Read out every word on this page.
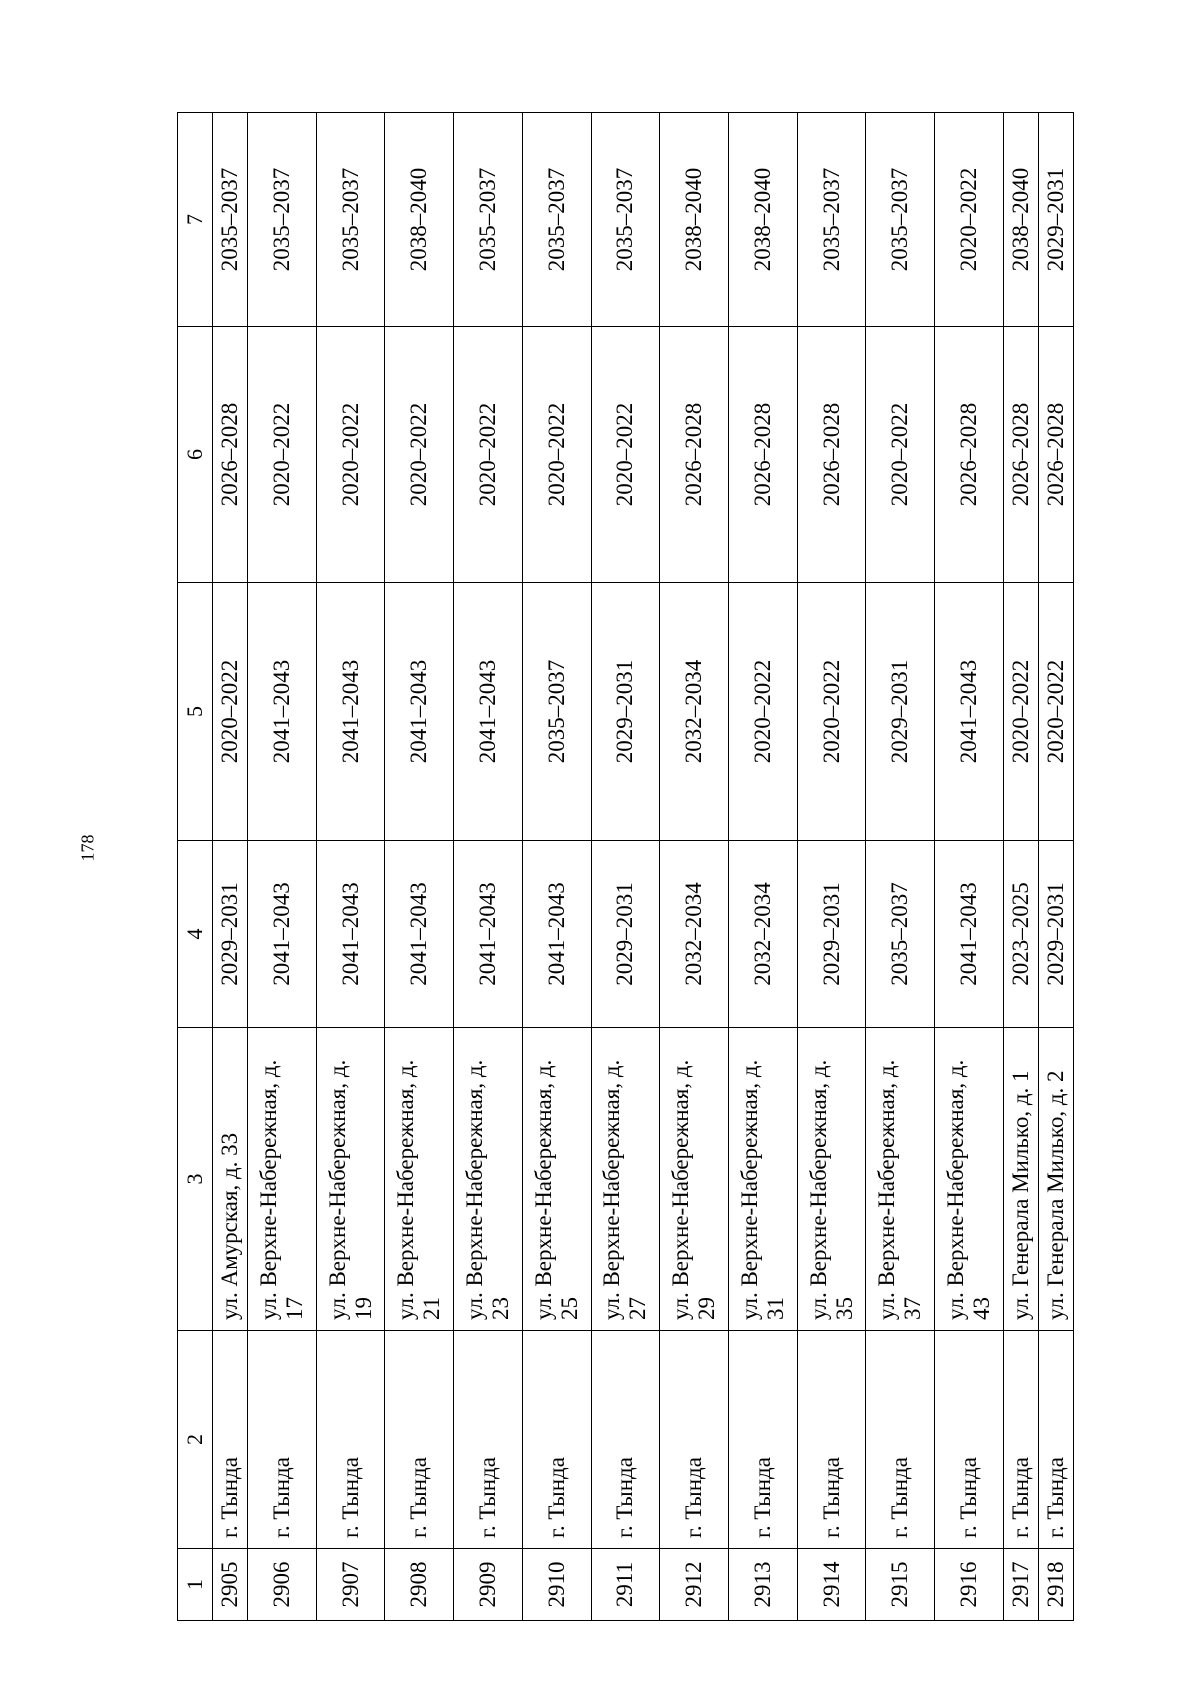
178
1	2	3	4	5	6	7
2905	г. Тында	ул. Амурская, д. 33	2029–2031	2020–2022	2026–2028	2035–2037
2906	г. Тында	ул. Верхне-Набережная, д. 17	2041–2043	2041–2043	2020–2022	2035–2037
2907	г. Тында	ул. Верхне-Набережная, д. 19	2041–2043	2041–2043	2020–2022	2035–2037
2908	г. Тында	ул. Верхне-Набережная, д. 21	2041–2043	2041–2043	2020–2022	2038–2040
2909	г. Тында	ул. Верхне-Набережная, д. 23	2041–2043	2041–2043	2020–2022	2035–2037
2910	г. Тында	ул. Верхне-Набережная, д. 25	2041–2043	2035–2037	2020–2022	2035–2037
2911	г. Тында	ул. Верхне-Набережная, д. 27	2029–2031	2029–2031	2020–2022	2035–2037
2912	г. Тында	ул. Верхне-Набережная, д. 29	2032–2034	2032–2034	2026–2028	2038–2040
2913	г. Тында	ул. Верхне-Набережная, д. 31	2032–2034	2020–2022	2026–2028	2038–2040
2914	г. Тында	ул. Верхне-Набережная, д. 35	2029–2031	2020–2022	2026–2028	2035–2037
2915	г. Тында	ул. Верхне-Набережная, д. 37	2035–2037	2029–2031	2020–2022	2035–2037
2916	г. Тында	ул. Верхне-Набережная, д. 43	2041–2043	2041–2043	2026–2028	2020–2022
2917	г. Тында	ул. Генерала Милько, д. 1	2023–2025	2020–2022	2026–2028	2038–2040
2918	г. Тында	ул. Генерала Милько, д. 2	2029–2031	2020–2022	2026–2028	2029–2031
